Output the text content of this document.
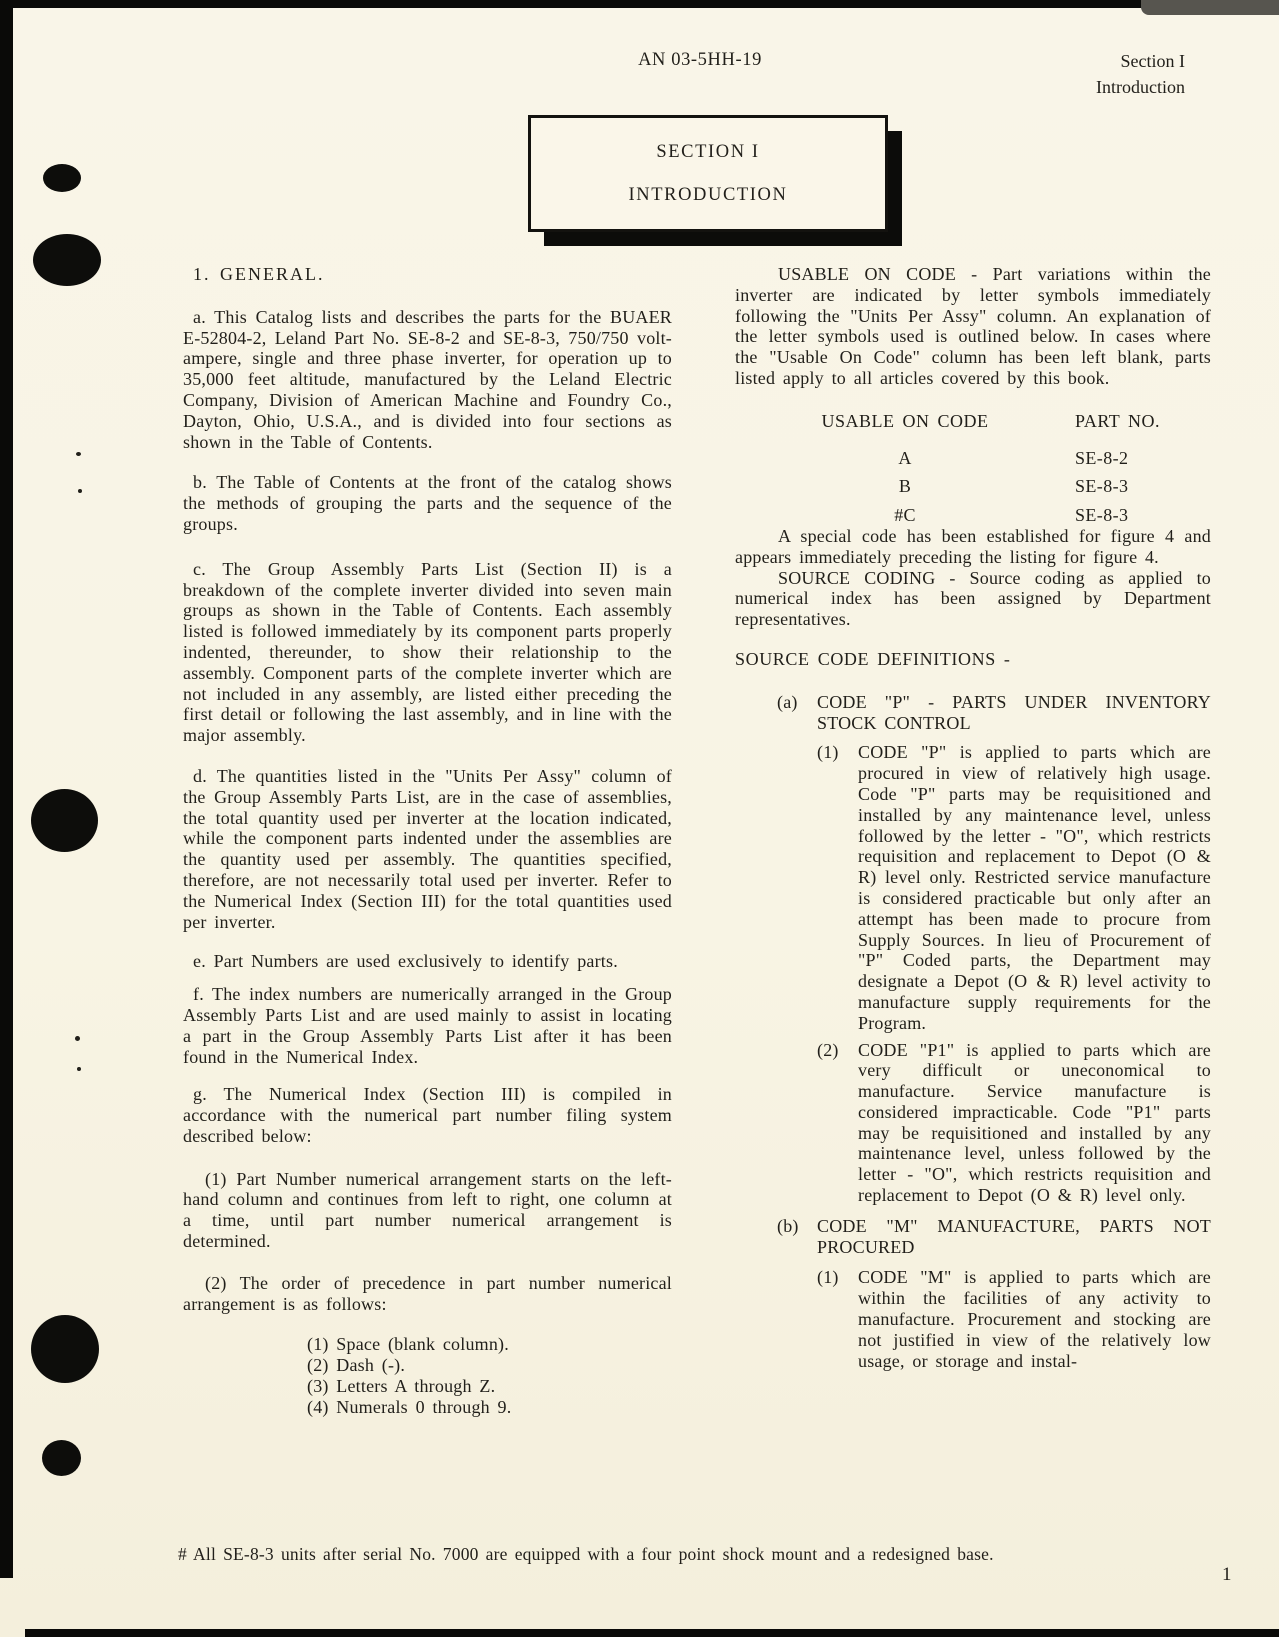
AN 03-5HH-19	Section I
Introduction
SECTION I
INTRODUCTION

1. GENERAL.

a. This Catalog lists and describes the parts for the BUAER E-52804-2, Leland Part No. SE-8-2 and SE-8-3, 750/750 volt-ampere, single and three phase inverter, for operation up to 35,000 feet altitude, manufactured by the Leland Electric Company, Division of American Machine and Foundry Co., Dayton, Ohio, U.S.A., and is divided into four sections as shown in the Table of Contents.

b. The Table of Contents at the front of the catalog shows the methods of grouping the parts and the sequence of the groups.

c. The Group Assembly Parts List (Section II) is a breakdown of the complete inverter divided into seven main groups as shown in the Table of Contents. Each assembly listed is followed immediately by its component parts properly indented, thereunder, to show their relationship to the assembly. Component parts of the complete inverter which are not included in any assembly, are listed either preceding the first detail or following the last assembly, and in line with the major assembly.

d. The quantities listed in the "Units Per Assy" column of the Group Assembly Parts List, are in the case of assemblies, the total quantity used per inverter at the location indicated, while the component parts indented under the assemblies are the quantity used per assembly. The quantities specified, therefore, are not necessarily total used per inverter. Refer to the Numerical Index (Section III) for the total quantities used per inverter.

e. Part Numbers are used exclusively to identify parts.

f. The index numbers are numerically arranged in the Group Assembly Parts List and are used mainly to assist in locating a part in the Group Assembly Parts List after it has been found in the Numerical Index.

g. The Numerical Index (Section III) is compiled in accordance with the numerical part number filing system described below:

(1) Part Number numerical arrangement starts on the left-hand column and continues from left to right, one column at a time, until part number numerical arrangement is determined.

(2) The order of precedence in part number numerical arrangement is as follows:

(1) Space (blank column).
(2) Dash (-).
(3) Letters A through Z.
(4) Numerals 0 through 9.

USABLE ON CODE - Part variations within the inverter are indicated by letter symbols immediately following the "Units Per Assy" column. An explanation of the letter symbols used is outlined below. In cases where the "Usable On Code" column has been left blank, parts listed apply to all articles covered by this book.

USABLE ON CODE	PART NO.
A	SE-8-2
B	SE-8-3
#C	SE-8-3

A special code has been established for figure 4 and appears immediately preceding the listing for figure 4.

SOURCE CODING - Source coding as applied to numerical index has been assigned by Department representatives.

SOURCE CODE DEFINITIONS -

(a)	CODE "P" - PARTS UNDER INVENTORY STOCK CONTROL
(1)	CODE "P" is applied to parts which are procured in view of relatively high usage. Code "P" parts may be requisitioned and installed by any maintenance level, unless followed by the letter - "O", which restricts requisition and replacement to Depot (O & R) level only. Restricted service manufacture is considered practicable but only after an attempt has been made to procure from Supply Sources. In lieu of Procurement of "P" Coded parts, the Department may designate a Depot (O & R) level activity to manufacture supply requirements for the Program.
(2)	CODE "P1" is applied to parts which are very difficult or uneconomical to manufacture. Service manufacture is considered impracticable. Code "P1" parts may be requisitioned and installed by any maintenance level, unless followed by the letter - "O", which restricts requisition and replacement to Depot (O & R) level only.
(b)	CODE "M" MANUFACTURE, PARTS NOT PROCURED
(1)	CODE "M" is applied to parts which are within the facilities of any activity to manufacture. Procurement and stocking are not justified in view of the relatively low usage, or storage and instal-
# All SE-8-3 units after serial No. 7000 are equipped with a four point shock mount and a redesigned base.
1
